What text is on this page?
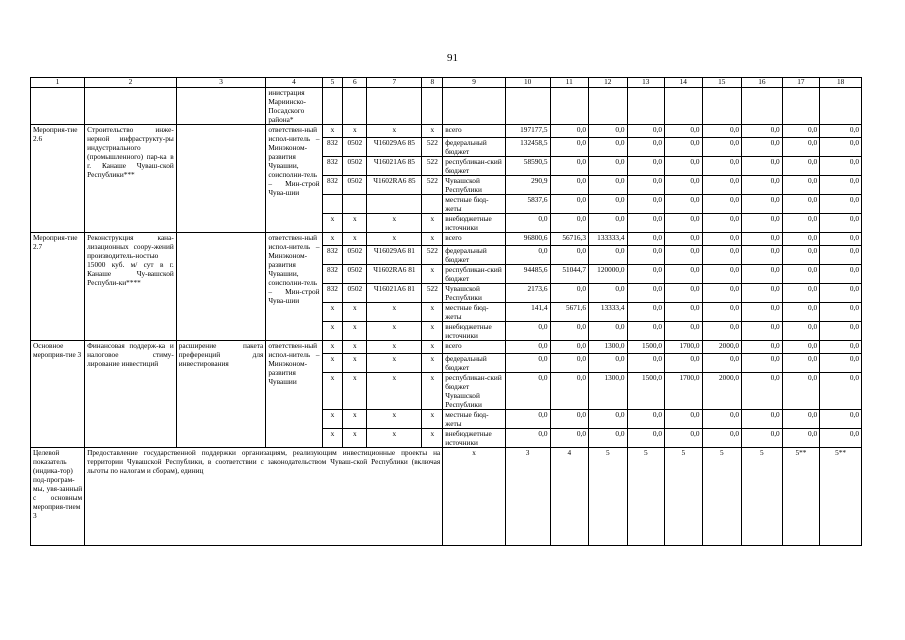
91
1	2	3	4	5	6	7	8	9	10	11	12	13	14	15	16	17	18
			инистрация Мариинско-Посадского района*														
Мероприя-тие 2.6	Строительство инже-нерной инфраструкту-ры индустриального (промышленного) пар-ка в г. Канаше Чуваш-ской Республики***		ответствен-ный испол-нитель – Минэконом-развития Чувашии, соисполни-тель – Мин-строй Чува-шии	x	x	x	x	всего	197177,5	0,0	0,0	0,0	0,0	0,0	0,0	0,0	0,0
				832	0502	Ч16029А6 85	522	федеральный бюджет	132458,5	0,0	0,0	0,0	0,0	0,0	0,0	0,0	0,0
				832	0502	Ч16021А6 85	522	республикан-ский бюджет	58590,5	0,0	0,0	0,0	0,0	0,0	0,0	0,0	0,0
				832	0502	Ч1602RА6 85	522	Чувашской Республики	290,9	0,0	0,0	0,0	0,0	0,0	0,0	0,0	0,0
								местные бюд-жеты	5837,6	0,0	0,0	0,0	0,0	0,0	0,0	0,0	0,0
				x	x	x	x	внебюджетные источники	0,0	0,0	0,0	0,0	0,0	0,0	0,0	0,0	0,0
Мероприя-тие 2.7	Реконструкция кана-лизационных соору-жений производитель-ностью 15000 куб. м/ сут в г. Канаше Чу-вашской Республи-ки****		ответствен-ный испол-нитель – Минэконом-развития Чувашии, соисполни-тель – Мин-строй Чува-шии	x	x	x	x	всего	96800,6	56716,3	133333,4	0,0	0,0	0,0	0,0	0,0	0,0
				832	0502	Ч16029А6 81	522	федеральный бюджет	0,0	0,0	0,0	0,0	0,0	0,0	0,0	0,0	0,0
				832	0502	Ч1602RА6 81	x	республикан-ский бюджет	94485,6	51044,7	120000,0	0,0	0,0	0,0	0,0	0,0	0,0
				832	0502	Ч16021А6 81	522	Чувашской Республики	2173,6	0,0	0,0	0,0	0,0	0,0	0,0	0,0	0,0
				x	x	x	x	местные бюд-жеты	141,4	5671,6	13333,4	0,0	0,0	0,0	0,0	0,0	0,0
				x	x	x	x	внебюджетные источники	0,0	0,0	0,0	0,0	0,0	0,0	0,0	0,0	0,0
Основное мероприя-тие 3	Финансовая поддерж-ка и налоговое стиму-лирование инвестиций	расширение пакета преференций для инвестирования	ответствен-ный испол-нитель – Минэконом-развития Чувашии	x	x	x	x	всего	0,0	0,0	1300,0	1500,0	1700,0	2000,0	0,0	0,0	0,0
				x	x	x	x	федеральный бюджет	0,0	0,0	0,0	0,0	0,0	0,0	0,0	0,0	0,0
				x	x	x	x	республикан-ский бюджет Чувашской Республики	0,0	0,0	1300,0	1500,0	1700,0	2000,0	0,0	0,0	0,0
				x	x	x	x	местные бюд-жеты	0,0	0,0	0,0	0,0	0,0	0,0	0,0	0,0	0,0
				x	x	x	x	внебюджетные источники	0,0	0,0	0,0	0,0	0,0	0,0	0,0	0,0	0,0
Целевой показатель (индика-тор) под-програм-мы, увя-занный с основным мероприя-тием 3	Предоставление государственной поддержки организациям, реализующим инвестиционные проекты на территории Чувашской Республики, в соответствии с законодательством Чуваш-ской Республики (включая льготы по налогам и сборам), единиц							x	3	4	5	5	5	5	5	5**	5**
